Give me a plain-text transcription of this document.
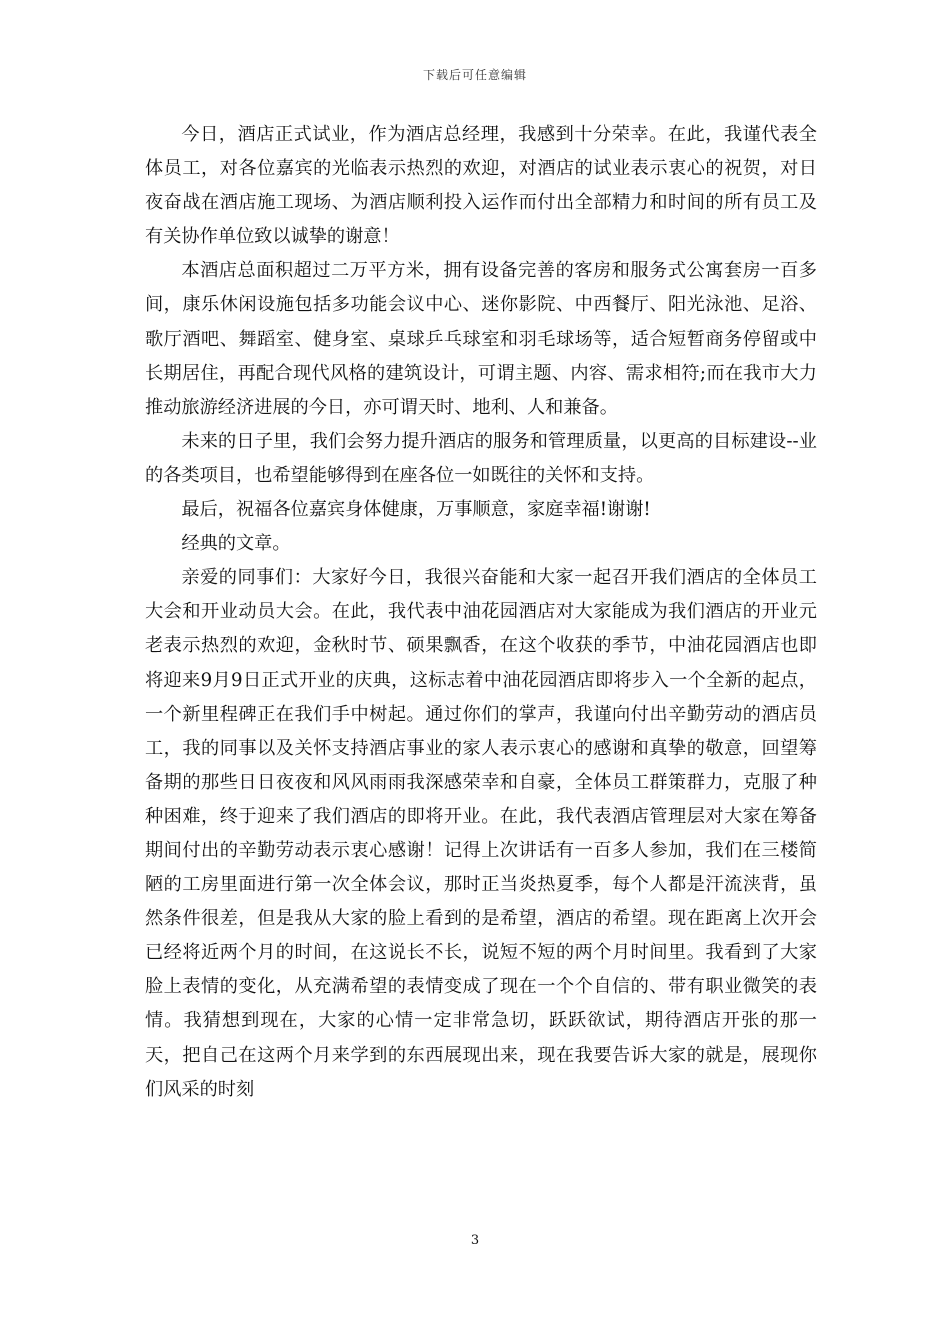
下载后可任意编辑

今日，酒店正式试业，作为酒店总经理，我感到十分荣幸。在此，我谨代表全体员工，对各位嘉宾的光临表示热烈的欢迎，对酒店的试业表示衷心的祝贺，对日夜奋战在酒店施工现场、为酒店顺利投入运作而付出全部精力和时间的所有员工及有关协作单位致以诚挚的谢意！

本酒店总面积超过二万平方米，拥有设备完善的客房和服务式公寓套房一百多间，康乐休闲设施包括多功能会议中心、迷你影院、中西餐厅、阳光泳池、足浴、歌厅酒吧、舞蹈室、健身室、桌球乒乓球室和羽毛球场等，适合短暂商务停留或中长期居住，再配合现代风格的建筑设计，可谓主题、内容、需求相符;而在我市大力推动旅游经济进展的今日，亦可谓天时、地利、人和兼备。

未来的日子里，我们会努力提升酒店的服务和管理质量，以更高的目标建设--业的各类项目，也希望能够得到在座各位一如既往的关怀和支持。

最后，祝福各位嘉宾身体健康，万事顺意，家庭幸福!谢谢!

经典的文章。

亲爱的同事们：大家好今日，我很兴奋能和大家一起召开我们酒店的全体员工大会和开业动员大会。在此，我代表中油花园酒店对大家能成为我们酒店的开业元老表示热烈的欢迎，金秋时节、硕果飘香，在这个收获的季节，中油花园酒店也即将迎来9月9日正式开业的庆典，这标志着中油花园酒店即将步入一个全新的起点，一个新里程碑正在我们手中树起。通过你们的掌声，我谨向付出辛勤劳动的酒店员工，我的同事以及关怀支持酒店事业的家人表示衷心的感谢和真挚的敬意，回望筹备期的那些日日夜夜和风风雨雨我深感荣幸和自豪，全体员工群策群力，克服了种种困难，终于迎来了我们酒店的即将开业。在此，我代表酒店管理层对大家在筹备期间付出的辛勤劳动表示衷心感谢！记得上次讲话有一百多人参加，我们在三楼简陋的工房里面进行第一次全体会议，那时正当炎热夏季，每个人都是汗流浃背，虽然条件很差，但是我从大家的脸上看到的是希望，酒店的希望。现在距离上次开会已经将近两个月的时间，在这说长不长，说短不短的两个月时间里。我看到了大家脸上表情的变化，从充满希望的表情变成了现在一个个自信的、带有职业微笑的表情。我猜想到现在，大家的心情一定非常急切，跃跃欲试，期待酒店开张的那一天，把自己在这两个月来学到的东西展现出来，现在我要告诉大家的就是，展现你们风采的时刻

3
